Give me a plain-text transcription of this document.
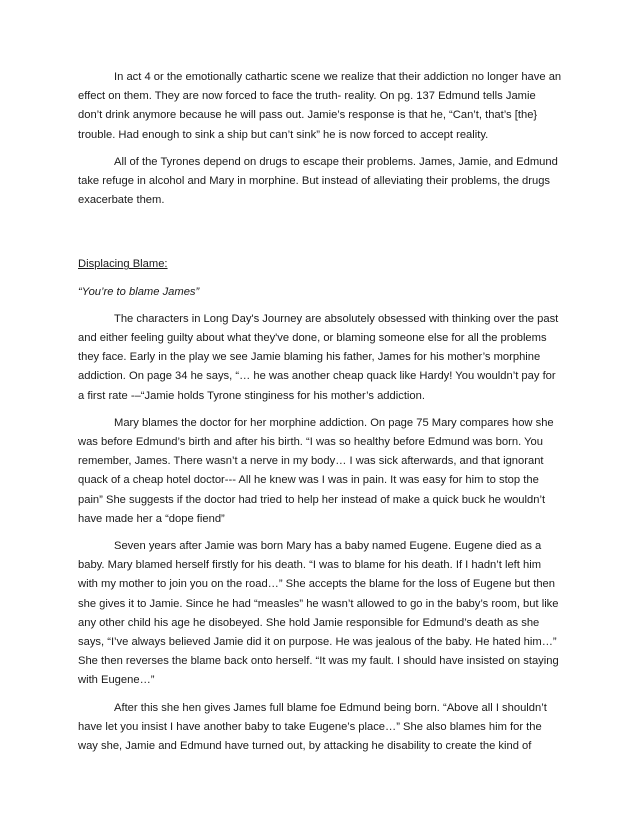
In act 4 or the emotionally cathartic scene we realize that their addiction no longer have an effect on them. They are now forced to face the truth- reality. On pg. 137 Edmund tells Jamie don’t drink anymore because he will pass out. Jamie’s response is that he, “Can’t, that’s [the} trouble. Had enough to sink a ship but can’t sink” he is now forced to accept reality.

All of the Tyrones depend on drugs to escape their problems. James, Jamie, and Edmund take refuge in alcohol and Mary in morphine. But instead of alleviating their problems, the drugs exacerbate them.

Displacing Blame:

“You’re to blame James”

The characters in Long Day's Journey are absolutely obsessed with thinking over the past and either feeling guilty about what they've done, or blaming someone else for all the problems they face. Early in the play we see Jamie blaming his father, James for his mother’s morphine addiction. On page 34 he says, “… he was another cheap quack like Hardy! You wouldn’t pay for a first rate -–“Jamie holds Tyrone stinginess for his mother’s addiction.

Mary blames the doctor for her morphine addiction. On page 75 Mary compares how she was before Edmund’s birth and after his birth. “I was so healthy before Edmund was born. You remember, James. There wasn’t a nerve in my body… I was sick afterwards, and that ignorant quack of a cheap hotel doctor--- All he knew was I was in pain. It was easy for him to stop the pain” She suggests if the doctor had tried to help her instead of make a quick buck he wouldn’t have made her a “dope fiend”

Seven years after Jamie was born Mary has a baby named Eugene. Eugene died as a baby. Mary blamed herself firstly for his death. “I was to blame for his death. If I hadn’t left him with my mother to join you on the road…” She accepts the blame for the loss of Eugene but then she gives it to Jamie. Since he had “measles” he wasn’t allowed to go in the baby’s room, but like any other child his age he disobeyed. She hold Jamie responsible for Edmund’s death as she says, “I’ve always believed Jamie did it on purpose. He was jealous of the baby. He hated him…” She then reverses the blame back onto herself. “It was my fault. I should have insisted on staying with Eugene…”

After this she hen gives James full blame foe Edmund being born. “Above all I shouldn’t have let you insist I have another baby to take Eugene’s place…” She also blames him for the way she, Jamie and Edmund have turned out, by attacking he disability to create the kind of
